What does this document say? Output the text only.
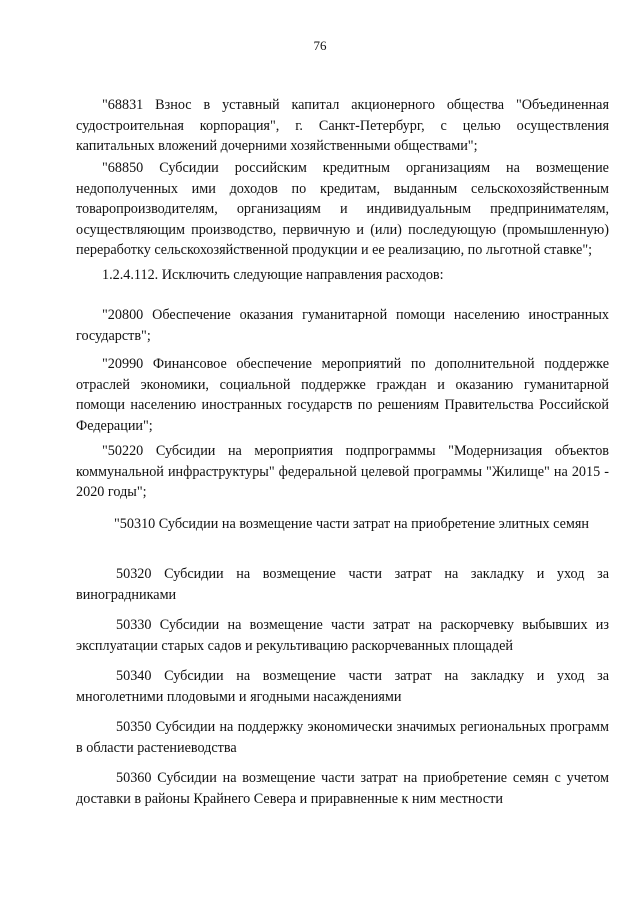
76
"68831 Взнос в уставный капитал акционерного общества "Объединенная судостроительная корпорация", г. Санкт-Петербург, с целью осуществления капитальных вложений дочерними хозяйственными обществами";
"68850 Субсидии российским кредитным организациям на возмещение недополученных ими доходов по кредитам, выданным сельскохозяйственным товаропроизводителям, организациям и индивидуальным предпринимателям, осуществляющим производство, первичную и (или) последующую (промышленную) переработку сельскохозяйственной продукции и ее реализацию, по льготной ставке";
1.2.4.112. Исключить следующие направления расходов:
"20800 Обеспечение оказания гуманитарной помощи населению иностранных государств";
"20990 Финансовое обеспечение мероприятий по дополнительной поддержке отраслей экономики, социальной поддержке граждан и оказанию гуманитарной помощи населению иностранных государств по решениям Правительства Российской Федерации";
"50220 Субсидии на мероприятия подпрограммы "Модернизация объектов коммунальной инфраструктуры" федеральной целевой программы "Жилище" на 2015 - 2020 годы";
"50310 Субсидии на возмещение части затрат на приобретение элитных семян
50320 Субсидии на возмещение части затрат на закладку и уход за виноградниками
50330 Субсидии на возмещение части затрат на раскорчевку выбывших из эксплуатации старых садов и рекультивацию раскорчеванных площадей
50340 Субсидии на возмещение части затрат на закладку и уход за многолетними плодовыми и ягодными насаждениями
50350 Субсидии на поддержку экономически значимых региональных программ в области растениеводства
50360 Субсидии на возмещение части затрат на приобретение семян с учетом доставки в районы Крайнего Севера и приравненные к ним местности
